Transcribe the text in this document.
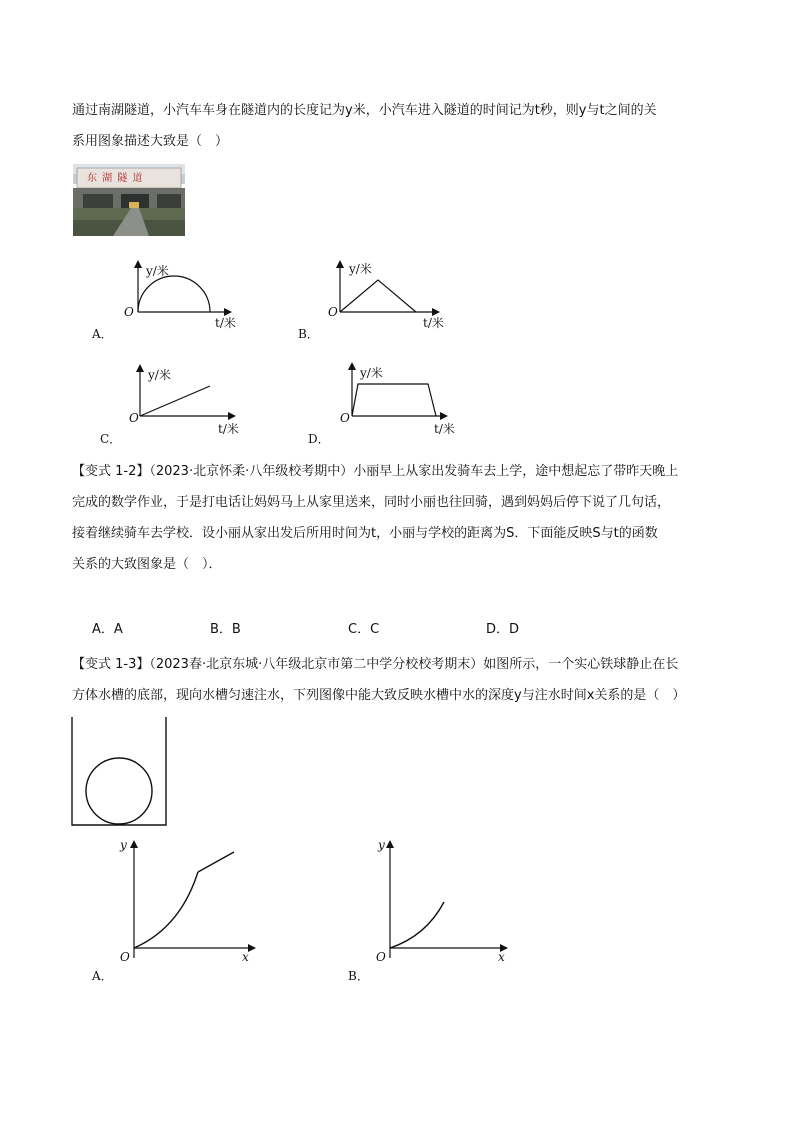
通过南湖隧道，小汽车车身在隧道内的长度记为y米，小汽车进入隧道的时间记为t秒，则y与t之间的关
系用图象描述大致是（　）
东 湖 隧 道
y/米
O
t/米
A．
y/米
O
t/米
B．
y/米
O
t/米
C．
y/米
O
t/米
D．
【变式 1-2】（2023·北京怀柔·八年级校考期中）小丽早上从家出发骑车去上学，途中想起忘了带昨天晚上
完成的数学作业，于是打电话让妈妈马上从家里送来，同时小丽也往回骑，遇到妈妈后停下说了几句话，
接着继续骑车去学校．设小丽从家出发后所用时间为t，小丽与学校的距离为S．下面能反映S与t的函数
关系的大致图象是（　）．
A．A	B．B	C．C	D．D
【变式 1-3】（2023春·北京东城·八年级北京市第二中学分校校考期末）如图所示，一个实心铁球静止在长
方体水槽的底部，现向水槽匀速注水，下列图像中能大致反映水槽中水的深度y与注水时间x关系的是（　）
y
O	x
A．
y
O	x
B．
